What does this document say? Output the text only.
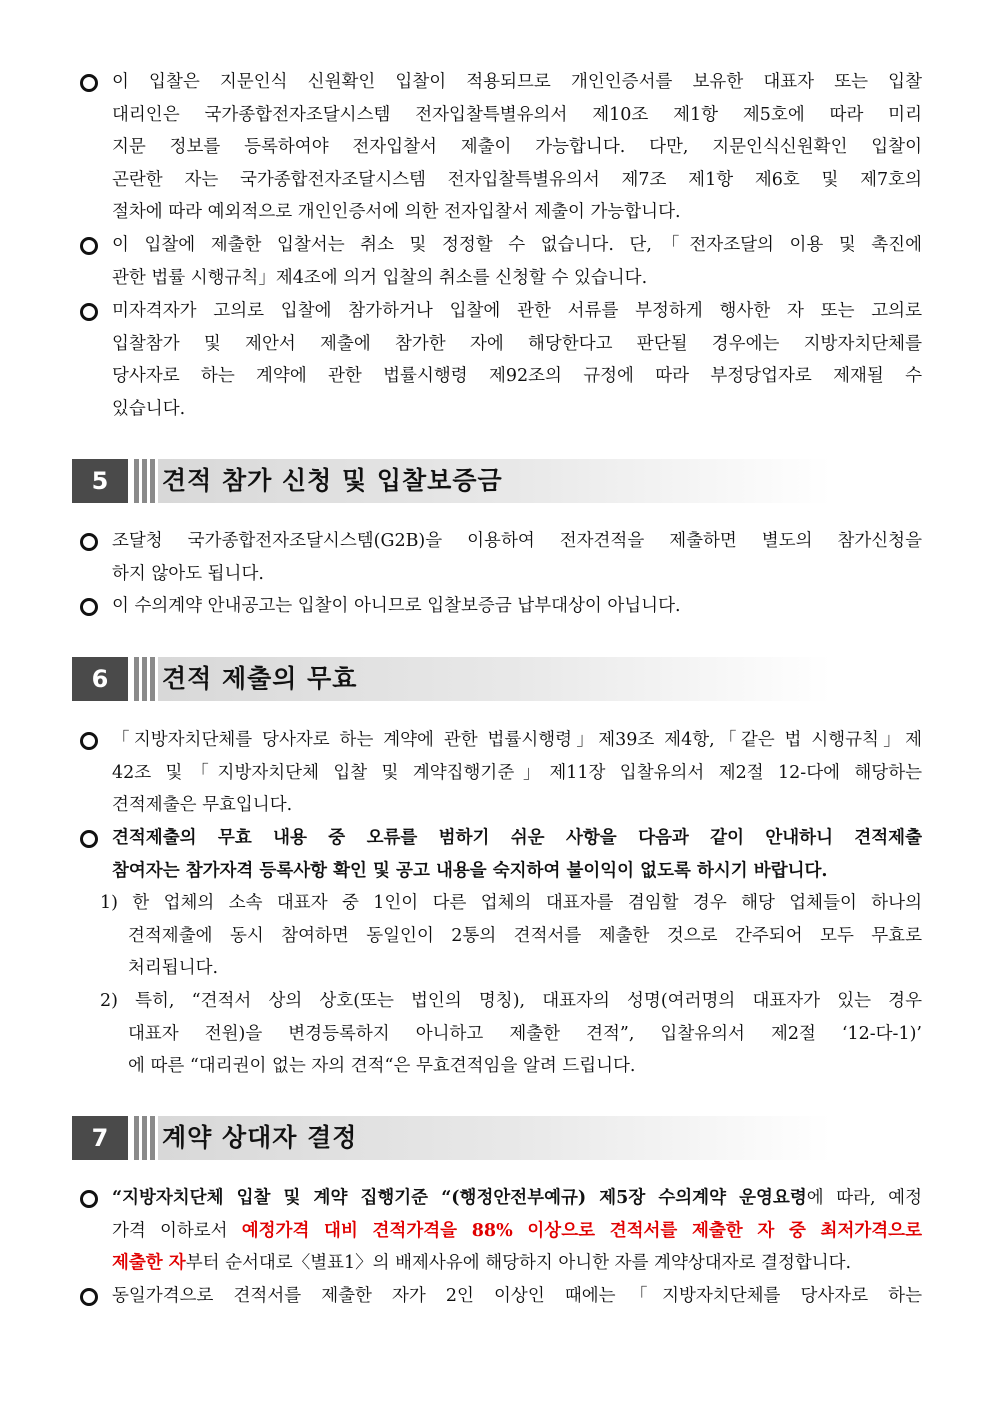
이 입찰은 지문인식 신원확인 입찰이 적용되므로 개인인증서를 보유한 대표자 또는 입찰
대리인은 국가종합전자조달시스템 전자입찰특별유의서 제10조 제1항 제5호에 따라 미리
지문 정보를 등록하여야 전자입찰서 제출이 가능합니다. 다만, 지문인식신원확인 입찰이
곤란한 자는 국가종합전자조달시스템 전자입찰특별유의서 제7조 제1항 제6호 및 제7호의
절차에 따라 예외적으로 개인인증서에 의한 전자입찰서 제출이 가능합니다.
이 입찰에 제출한 입찰서는 취소 및 정정할 수 없습니다. 단,「전자조달의 이용 및 촉진에
관한 법률 시행규칙」제4조에 의거 입찰의 취소를 신청할 수 있습니다.
미자격자가 고의로 입찰에 참가하거나 입찰에 관한 서류를 부정하게 행사한 자 또는 고의로
입찰참가 및 제안서 제출에 참가한 자에 해당한다고 판단될 경우에는 지방자치단체를
당사자로 하는 계약에 관한 법률시행령 제92조의 규정에 따라 부정당업자로 제재될 수
있습니다.
5	견적 참가 신청 및 입찰보증금
조달청 국가종합전자조달시스템(G2B)을 이용하여 전자견적을 제출하면 별도의 참가신청을
하지 않아도 됩니다.
이 수의계약 안내공고는 입찰이 아니므로 입찰보증금 납부대상이 아닙니다.
6	견적 제출의 무효
「지방자치단체를 당사자로 하는 계약에 관한 법률시행령」제39조 제4항,「같은 법 시행규칙」제
42조 및「지방자치단체 입찰 및 계약집행기준」제11장 입찰유의서 제2절 12-다에 해당하는
견적제출은 무효입니다.
견적제출의 무효 내용 중 오류를 범하기 쉬운 사항을 다음과 같이 안내하니 견적제출
참여자는 참가자격 등록사항 확인 및 공고 내용을 숙지하여 불이익이 없도록 하시기 바랍니다.
1) 한 업체의 소속 대표자 중 1인이 다른 업체의 대표자를 겸임할 경우 해당 업체들이 하나의
견적제출에 동시 참여하면 동일인이 2통의 견적서를 제출한 것으로 간주되어 모두 무효로
처리됩니다.
2) 특히, “견적서 상의 상호(또는 법인의 명칭), 대표자의 성명(여러명의 대표자가 있는 경우
대표자 전원)을 변경등록하지 아니하고 제출한 견적”, 입찰유의서 제2절 ‘12-다-1)’
에 따른 “대리권이 없는 자의 견적“은 무효견적임을 알려 드립니다.
7	계약 상대자 결정
“지방자치단체 입찰 및 계약 집행기준 “(행정안전부예규) 제5장 수의계약 운영요령에 따라, 예정
가격 이하로서 예정가격 대비 견적가격을 88% 이상으로 견적서를 제출한 자 중 최저가격으로
제출한 자부터 순서대로〈별표1〉의 배제사유에 해당하지 아니한 자를 계약상대자로 결정합니다.
동일가격으로 견적서를 제출한 자가 2인 이상인 때에는「지방자치단체를 당사자로 하는
